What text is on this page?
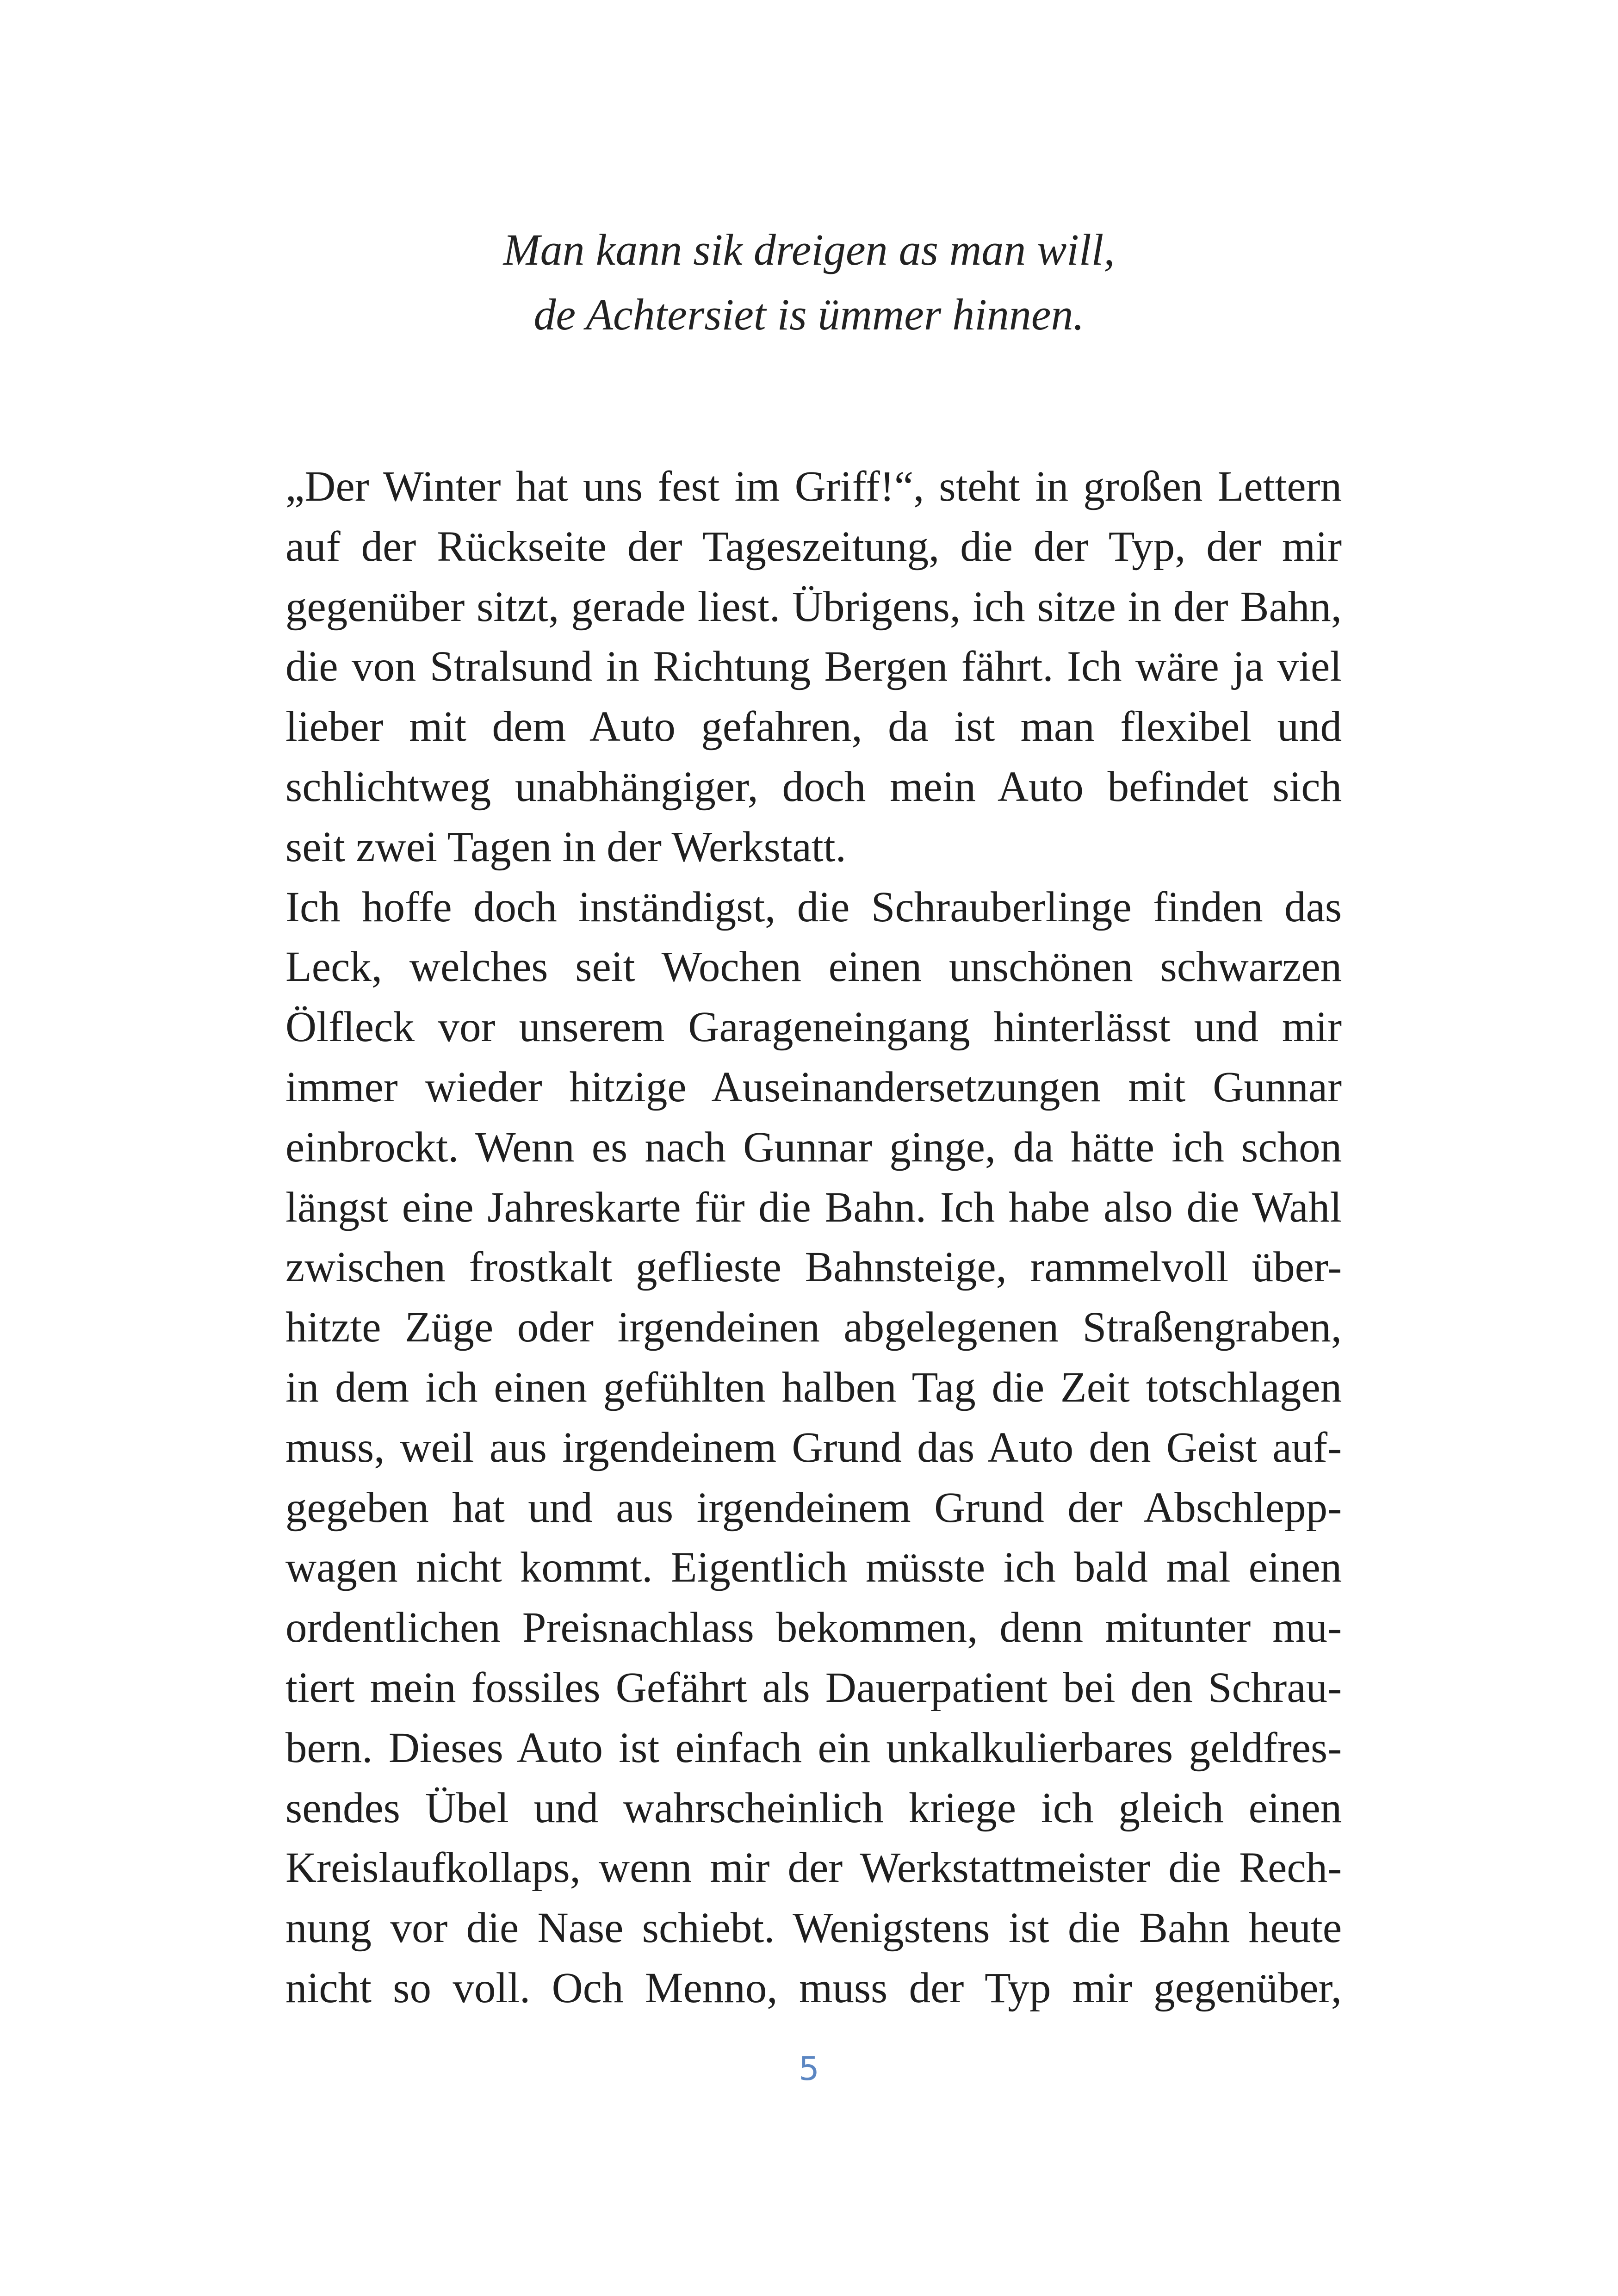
Man kann sik dreigen as man will,
de Achtersiet is ümmer hinnen.
„Der Winter hat uns fest im Griff!“, steht in großen Lettern
auf der Rückseite der Tageszeitung, die der Typ, der mir
gegenüber sitzt, gerade liest. Übrigens, ich sitze in der Bahn,
die von Stralsund in Richtung Bergen fährt. Ich wäre ja viel
lieber mit dem Auto gefahren, da ist man flexibel und
schlichtweg unabhängiger, doch mein Auto befindet sich
seit zwei Tagen in der Werkstatt.
Ich hoffe doch inständigst, die Schrauberlinge finden das
Leck, welches seit Wochen einen unschönen schwarzen
Ölfleck vor unserem Garageneingang hinterlässt und mir
immer wieder hitzige Auseinandersetzungen mit Gunnar
einbrockt. Wenn es nach Gunnar ginge, da hätte ich schon
längst eine Jahreskarte für die Bahn. Ich habe also die Wahl
zwischen frostkalt geflieste Bahnsteige, rammelvoll über-
hitzte Züge oder irgendeinen abgelegenen Straßengraben,
in dem ich einen gefühlten halben Tag die Zeit totschlagen
muss, weil aus irgendeinem Grund das Auto den Geist auf-
gegeben hat und aus irgendeinem Grund der Abschlepp-
wagen nicht kommt. Eigentlich müsste ich bald mal einen
ordentlichen Preisnachlass bekommen, denn mitunter mu-
tiert mein fossiles Gefährt als Dauerpatient bei den Schrau-
bern. Dieses Auto ist einfach ein unkalkulierbares geldfres-
sendes Übel und wahrscheinlich kriege ich gleich einen
Kreislaufkollaps, wenn mir der Werkstattmeister die Rech-
nung vor die Nase schiebt. Wenigstens ist die Bahn heute
nicht so voll. Och Menno, muss der Typ mir gegenüber,
5
